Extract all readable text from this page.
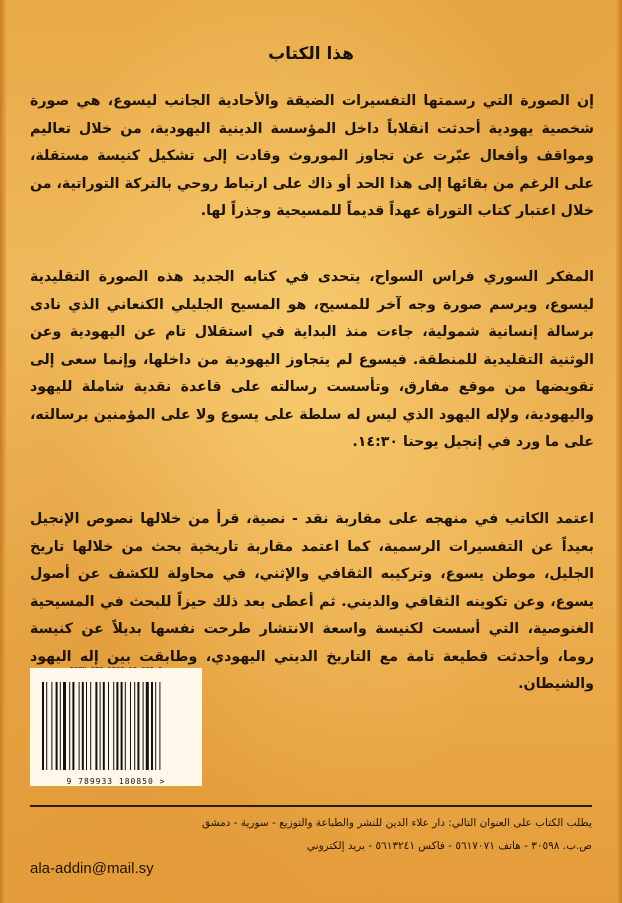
هذا الكتاب
إن الصورة التي رسمتها التفسيرات الضيقة والأحادية الجانب ليسوع، هي صورة شخصية يهودية أحدثت انقلاباً داخل المؤسسة الدينية اليهودية، من خلال تعاليم ومواقف وأفعال عبّرت عن تجاوز الموروث وقادت إلى تشكيل كنيسة مستقلة، على الرغم من بقائها إلى هذا الحد أو ذاك على ارتباط روحي بالتركة التوراتية، من خلال اعتبار كتاب التوراة عهداً قديماً للمسيحية وجذراً لها.
المفكر السوري فراس السواح، يتحدى في كتابه الجديد هذه الصورة التقليدية ليسوع، ويرسم صورة وجه آخر للمسيح، هو المسيح الجليلي الكنعاني الذي نادى برسالة إنسانية شمولية، جاءت منذ البداية في استقلال تام عن اليهودية وعن الوثنية التقليدية للمنطقة. فيسوع لم يتجاوز اليهودية من داخلها، وإنما سعى إلى تقويضها من موقع مفارق، وتأسست رسالته على قاعدة نقدية شاملة لليهود واليهودية، ولإله اليهود الذي ليس له سلطة على يسوع ولا على المؤمنين برسالته، على ما ورد في إنجيل يوحنا ١٤:٣٠.
اعتمد الكاتب في منهجه على مقاربة نقد - نصية، قرأ من خلالها نصوص الإنجيل بعيداً عن التفسيرات الرسمية، كما اعتمد مقاربة تاريخية بحث من خلالها تاريخ الجليل، موطن يسوع، وتركيبه الثقافي والإثني، في محاولة للكشف عن أصول يسوع، وعن تكوينه الثقافي والديني. ثم أعطى بعد ذلك حيزاً للبحث في المسيحية الغنوصية، التي أسست لكنيسة واسعة الانتشار طرحت نفسها بديلاً عن كنيسة روما، وأحدثت قطيعة تامة مع التاريخ الديني اليهودي، وطابقت بين إله اليهود والشيطان.
9 789933 180850 >
يطلب الكتاب على العنوان التالي: دار علاء الدين للنشر والطباعة والتوزيع - سورية - دمشق
ص.ب. ٣٠٥٩٨ - هاتف ٥٦١٧٠٧١ - فاكس ٥٦١٣٢٤١ - بريد إلكتروني
ala-addin@mail.sy
